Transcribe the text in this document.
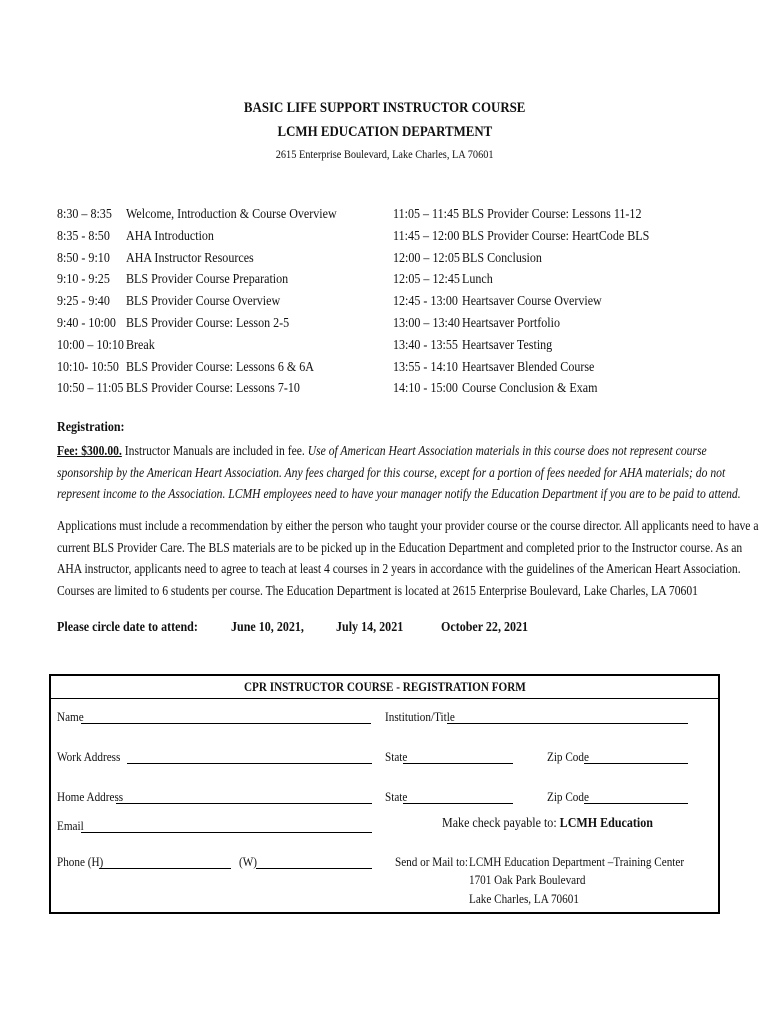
BASIC LIFE SUPPORT INSTRUCTOR COURSE
LCMH EDUCATION DEPARTMENT
2615 Enterprise Boulevard, Lake Charles, LA 70601
8:30 – 8:35 Welcome, Introduction & Course Overview
8:35 - 8:50 AHA Introduction
8:50 - 9:10 AHA Instructor Resources
9:10 - 9:25 BLS Provider Course Preparation
9:25 - 9:40 BLS Provider Course Overview
9:40 - 10:00 BLS Provider Course: Lesson 2-5
10:00 – 10:10 Break
10:10- 10:50 BLS Provider Course: Lessons 6 & 6A
10:50 – 11:05 BLS Provider Course: Lessons 7-10
11:05 – 11:45 BLS Provider Course: Lessons 11-12
11:45 – 12:00 BLS Provider Course: HeartCode BLS
12:00 – 12:05 BLS Conclusion
12:05 – 12:45 Lunch
12:45 - 13:00 Heartsaver Course Overview
13:00 – 13:40 Heartsaver Portfolio
13:40 - 13:55 Heartsaver Testing
13:55 - 14:10 Heartsaver Blended Course
14:10 - 15:00 Course Conclusion & Exam
Registration:
Fee: $300.00. Instructor Manuals are included in fee. Use of American Heart Association materials in this course does not represent course
sponsorship by the American Heart Association. Any fees charged for this course, except for a portion of fees needed for AHA materials; do not
represent income to the Association. LCMH employees need to have your manager notify the Education Department if you are to be paid to attend.
Applications must include a recommendation by either the person who taught your provider course or the course director. All applicants need to have a
current BLS Provider Care. The BLS materials are to be picked up in the Education Department and completed prior to the Instructor course. As an
AHA instructor, applicants need to agree to teach at least 4 courses in 2 years in accordance with the guidelines of the American Heart Association.
Courses are limited to 6 students per course. The Education Department is located at 2615 Enterprise Boulevard, Lake Charles, LA 70601
Please circle date to attend: June 10, 2021, July 14, 2021	October 22, 2021
CPR INSTRUCTOR COURSE - REGISTRATION FORM
Name	Institution/Title
Work Address	State	Zip Code
Home Address	State	Zip Code
Email	Make check payable to: LCMH Education
Phone (H)	(W)	Send or Mail to: LCMH Education Department –Training Center
1701 Oak Park Boulevard
Lake Charles, LA 70601
